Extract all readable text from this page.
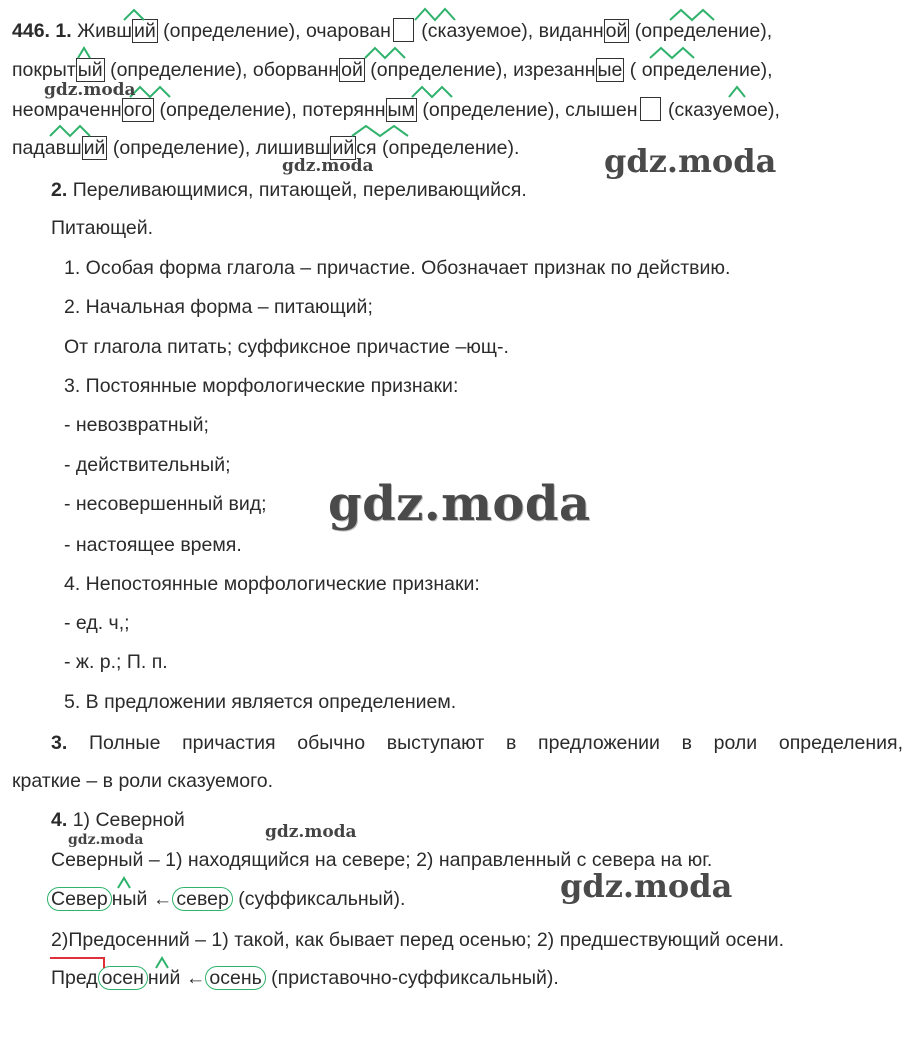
446. 1. Живш ий (определение), очарован (сказуемое), виданн ой (определение),
покрыт ый (определение), оборванн ой (определение), изрезанн ые ( определение),
неомраченн ого (определение), потерянн ым (определение), слышен (сказуемое),
падавш ий (определение), лишивш ий ся (определение).
2. Переливающимися, питающей, переливающийся.
Питающей.
1. Особая форма глагола – причастие. Обозначает признак по действию.
2. Начальная форма – питающий;
От глагола питать; суффиксное причастие –ющ-.
3. Постоянные морфологические признаки:
- невозвратный;
- действительный;
- несовершенный вид;
- настоящее время.
4. Непостоянные морфологические признаки:
- ед. ч,;
- ж. р.; П. п.
5. В предложении является определением.
3. Полные причастия обычно выступают в предложении в роли определения,
краткие – в роли сказуемого.
4. 1) Северной
Северный – 1) находящийся на севере; 2) направленный с севера на юг.
Север ный ← север (суффиксальный).
2)Предосенний – 1) такой, как бывает перед осенью; 2) предшествующий осени.
Пред осен ний ← осень (приставочно-суффиксальный).
gdz.moda
gdz.moda	gdz.moda
gdz.moda
gdz.moda
gdz.moda
gdz.moda
